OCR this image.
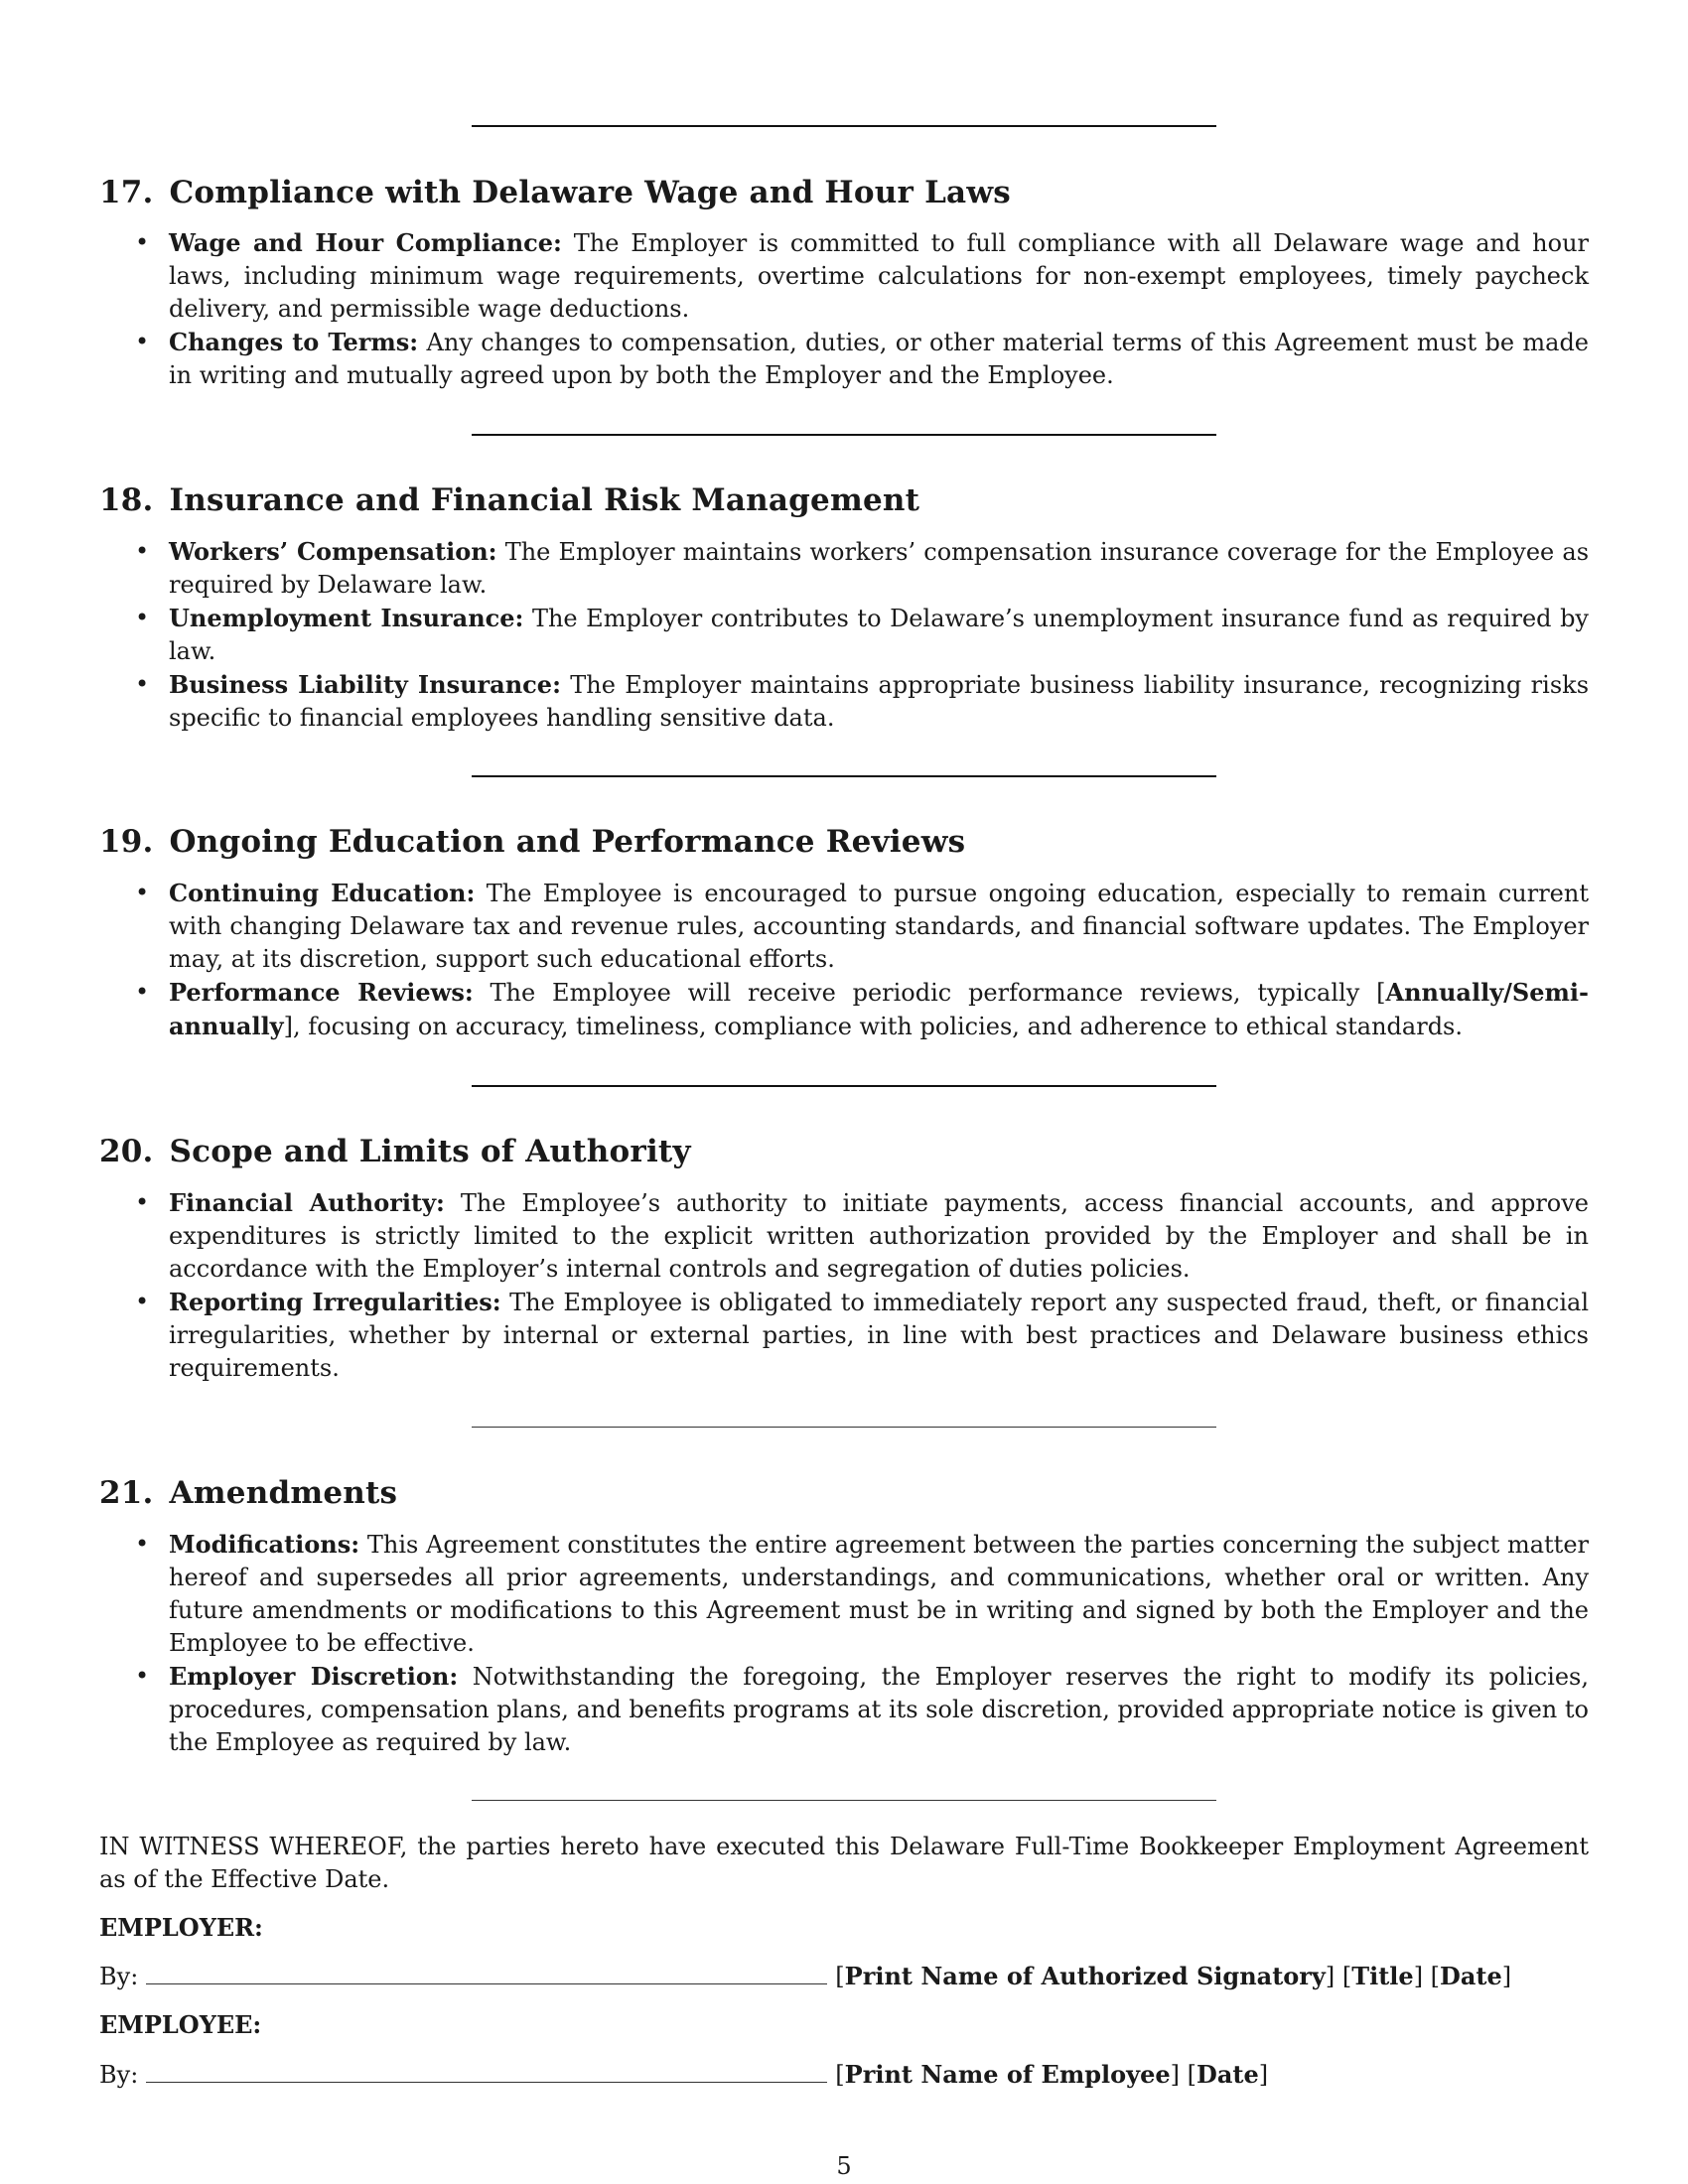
17. Compliance with Delaware Wage and Hour Laws
• Wage and Hour Compliance: The Employer is committed to full compliance with all Delaware wage and hour laws, including minimum wage requirements, overtime calculations for non-exempt employees, timely paycheck delivery, and permissible wage deductions.
• Changes to Terms: Any changes to compensation, duties, or other material terms of this Agreement must be made in writing and mutually agreed upon by both the Employer and the Employee.
18. Insurance and Financial Risk Management
• Workers’ Compensation: The Employer maintains workers’ compensation insurance coverage for the Employee as required by Delaware law.
• Unemployment Insurance: The Employer contributes to Delaware’s unemployment insurance fund as required by law.
• Business Liability Insurance: The Employer maintains appropriate business liability insurance, recognizing risks specific to financial employees handling sensitive data.
19. Ongoing Education and Performance Reviews
• Continuing Education: The Employee is encouraged to pursue ongoing education, especially to remain current with changing Delaware tax and revenue rules, accounting standards, and financial software updates. The Employer may, at its discretion, support such educational efforts.
• Performance Reviews: The Employee will receive periodic performance reviews, typically [Annually/Semi-annually], focusing on accuracy, timeliness, compliance with policies, and adherence to ethical standards.
20. Scope and Limits of Authority
• Financial Authority: The Employee’s authority to initiate payments, access financial accounts, and approve expenditures is strictly limited to the explicit written authorization provided by the Employer and shall be in accordance with the Employer’s internal controls and segregation of duties policies.
• Reporting Irregularities: The Employee is obligated to immediately report any suspected fraud, theft, or financial irregularities, whether by internal or external parties, in line with best practices and Delaware business ethics requirements.
21. Amendments
• Modifications: This Agreement constitutes the entire agreement between the parties concerning the subject matter hereof and supersedes all prior agreements, understandings, and communications, whether oral or written. Any future amendments or modifications to this Agreement must be in writing and signed by both the Employer and the Employee to be effective.
• Employer Discretion: Notwithstanding the foregoing, the Employer reserves the right to modify its policies, procedures, compensation plans, and benefits programs at its sole discretion, provided appropriate notice is given to the Employee as required by law.

IN WITNESS WHEREOF, the parties hereto have executed this Delaware Full-Time Bookkeeper Employment Agreement as of the Effective Date.

EMPLOYER:
By:	[Print Name of Authorized Signatory] [Title] [Date]
EMPLOYEE:
By:	[Print Name of Employee] [Date]
5
